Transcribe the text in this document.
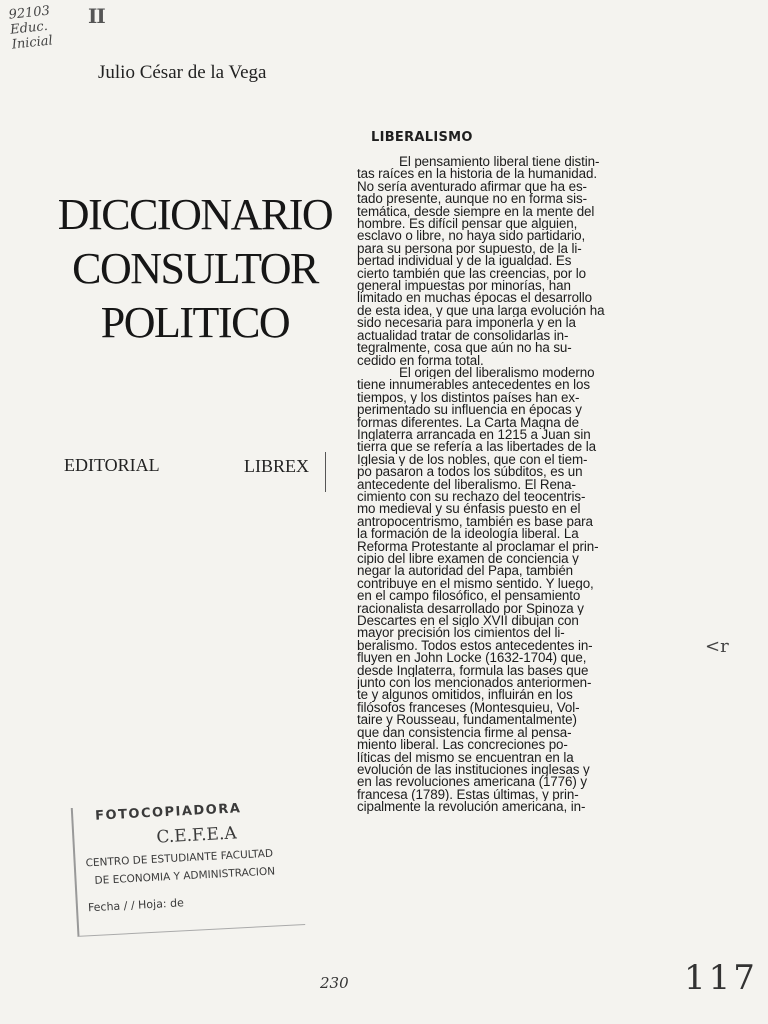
92103
Educ.
Inicial
II
Julio César de la Vega
DICCIONARIO
CONSULTOR
POLITICO
EDITORIAL	LIBREX
FOTOCOPIADORA
C.E.F.E.A
CENTRO DE ESTUDIANTE FACULTAD
DE ECONOMIA Y ADMINISTRACION
Fecha / / Hoja: de
LIBERALISMO
El pensamiento liberal tiene distin-
tas raíces en la historia de la humanidad.
No sería aventurado afirmar que ha es-
tado presente, aunque no en forma sis-
temática, desde siempre en la mente del
hombre. Es difícil pensar que alguien,
esclavo o libre, no haya sido partidario,
para su persona por supuesto, de la li-
bertad individual y de la igualdad. Es
cierto también que las creencias, por lo
general impuestas por minorías, han
limitado en muchas épocas el desarrollo
de esta idea, y que una larga evolución ha
sido necesaria para imponerla y en la
actualidad tratar de consolidarlas in-
tegralmente, cosa que aún no ha su-
cedido en forma total.
El origen del liberalismo moderno
tiene innumerables antecedentes en los
tiempos, y los distintos países han ex-
perimentado su influencia en épocas y
formas diferentes. La Carta Magna de
Inglaterra arrancada en 1215 a Juan sin
tierra que se refería a las libertades de la
Iglesia y de los nobles, que con el tiem-
po pasaron a todos los súbditos, es un
antecedente del liberalismo. El Rena-
cimiento con su rechazo del teocentris-
mo medieval y su énfasis puesto en el
antropocentrismo, también es base para
la formación de la ideología liberal. La
Reforma Protestante al proclamar el prin-
cipio del libre examen de conciencia y
negar la autoridad del Papa, también
contribuye en el mismo sentido. Y luego,
en el campo filosófico, el pensamiento
racionalista desarrollado por Spinoza y
Descartes en el siglo XVII dibujan con
mayor precisión los cimientos del li-
beralismo. Todos estos antecedentes in-
fluyen en John Locke (1632-1704) que,
desde Inglaterra, formula las bases que
junto con los mencionados anteriormen-
te y algunos omitidos, influirán en los
filósofos franceses (Montesquieu, Vol-
taire y Rousseau, fundamentalmente)
que dan consistencia firme al pensa-
miento liberal. Las concreciones po-
líticas del mismo se encuentran en la
evolución de las instituciones inglesas y
en las revoluciones americana (1776) y
francesa (1789). Estas últimas, y prin-
cipalmente la revolución americana, in-
<r
230	117
